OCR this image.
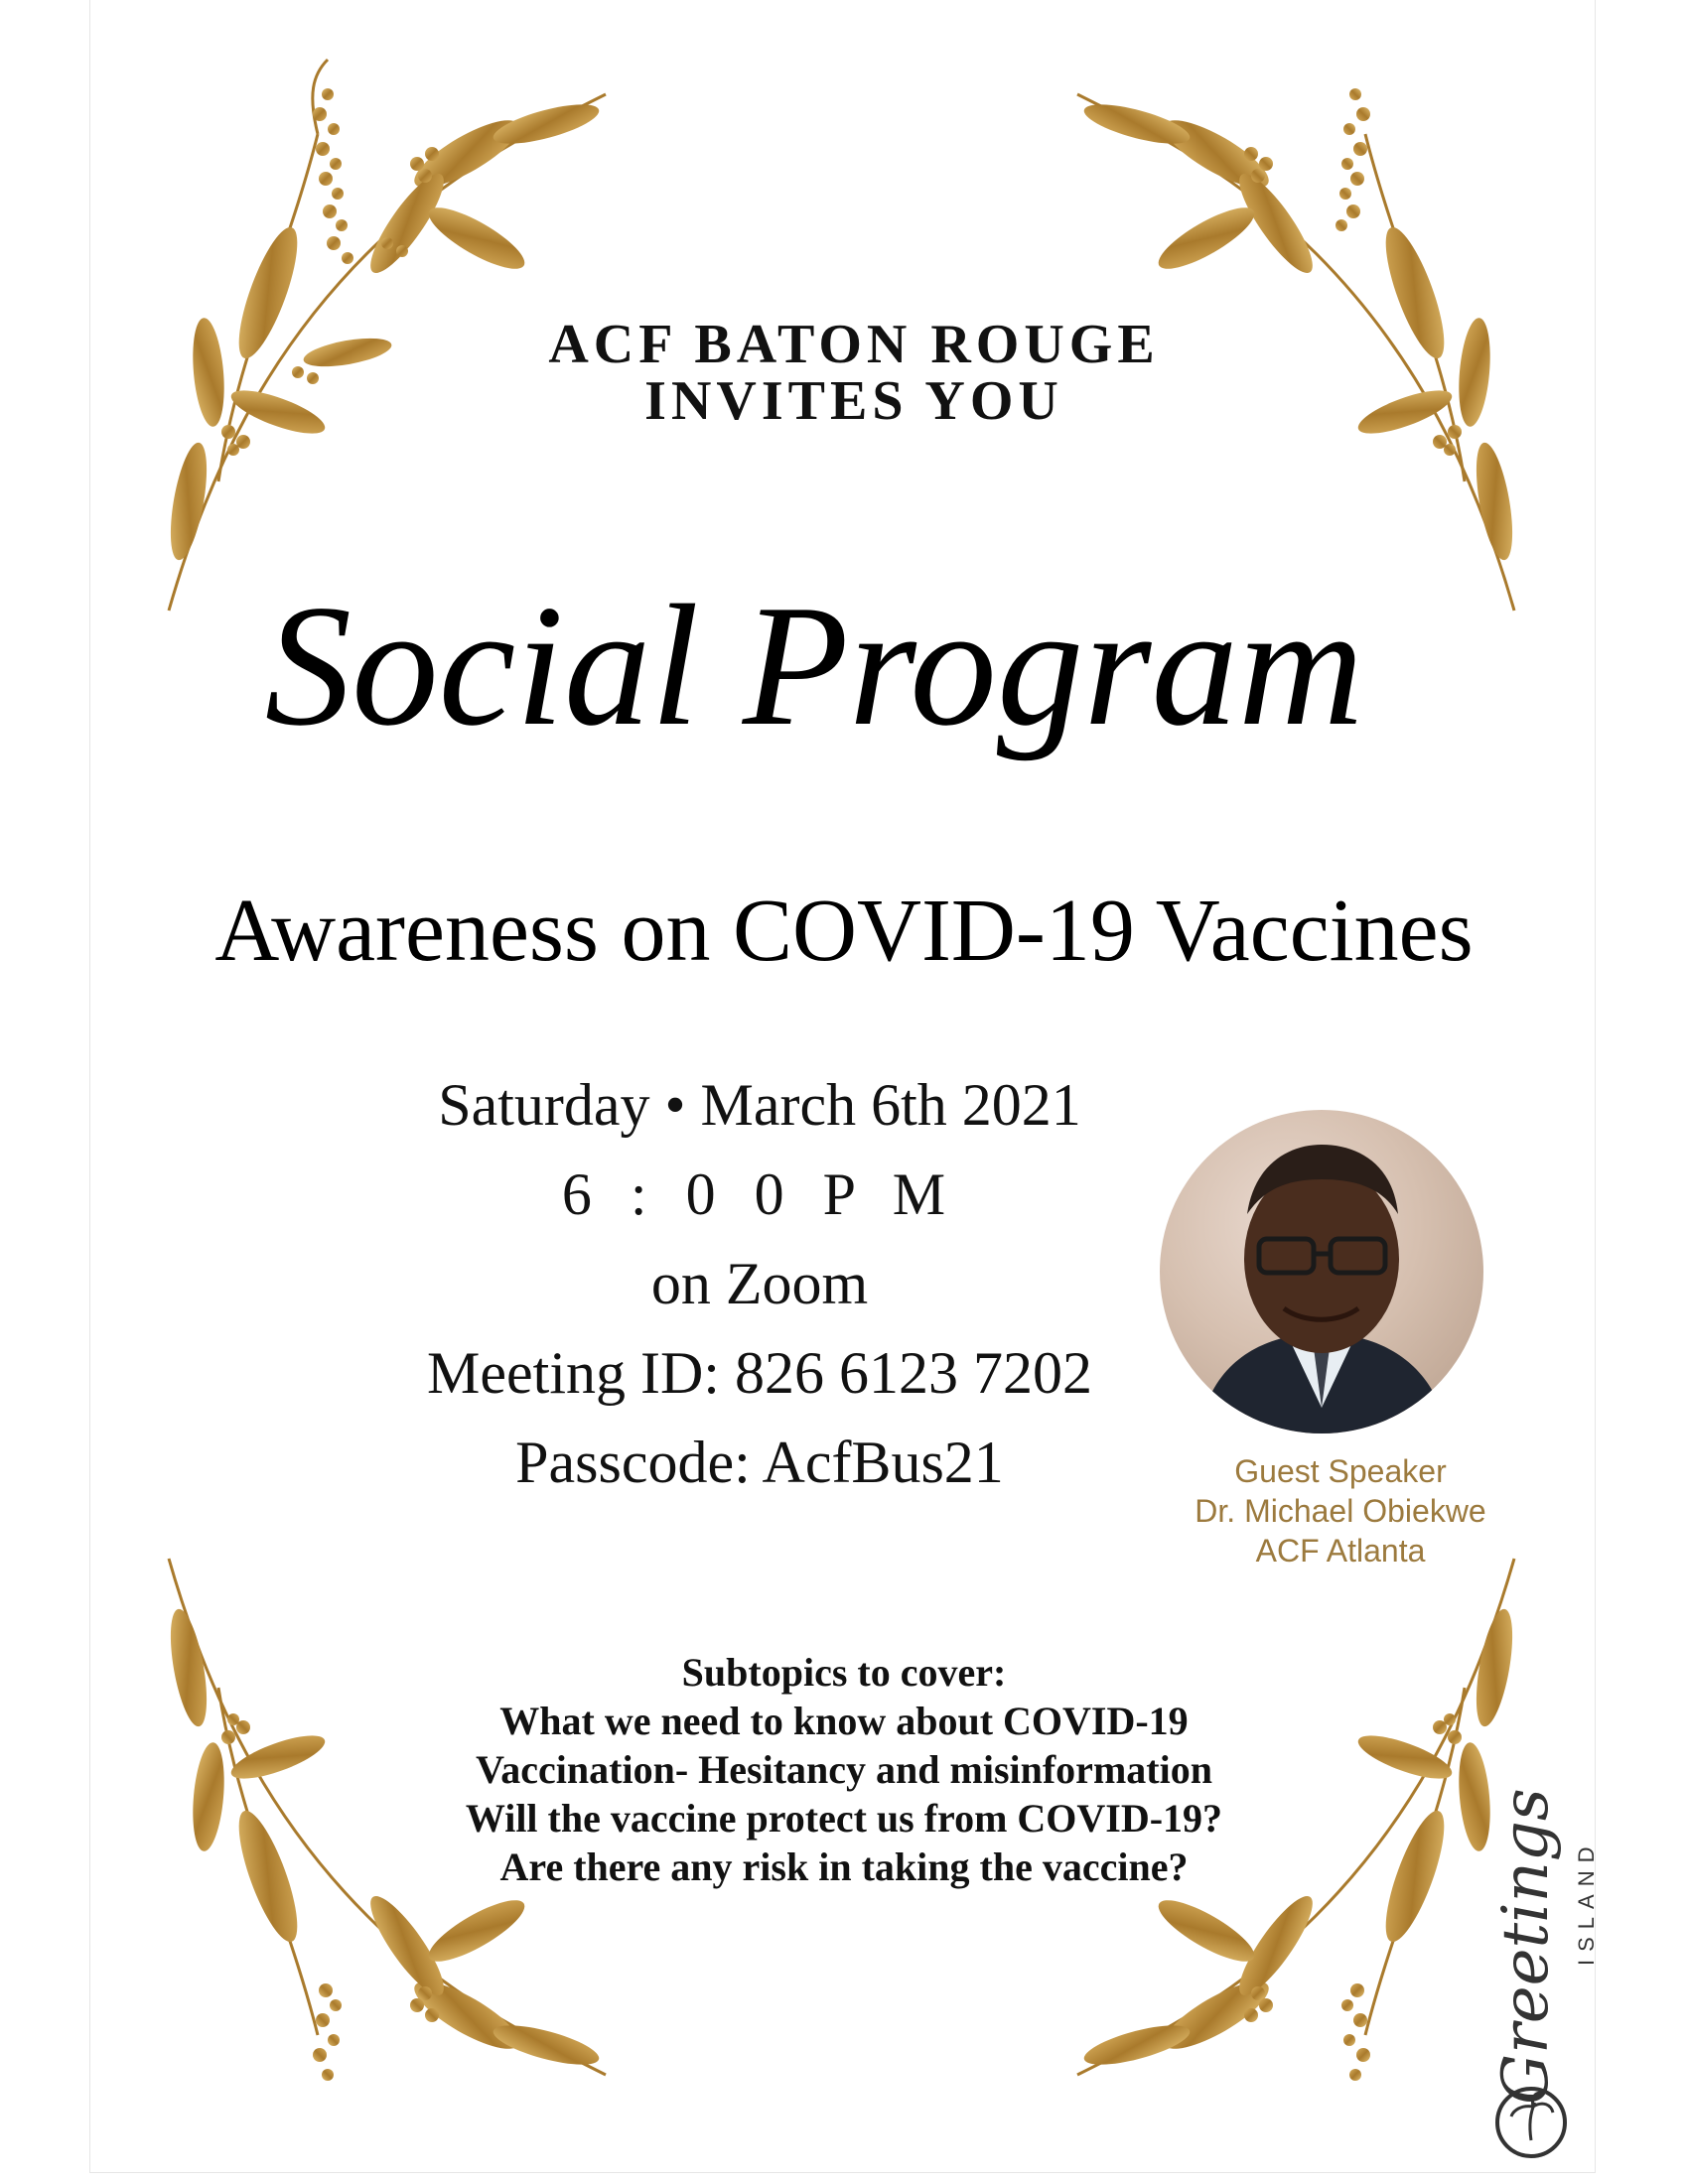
ACF BATON ROUGE
INVITES YOU
Social Program
Awareness on COVID-19 Vaccines
Saturday • March 6th 2021
6 : 0 0 P M
on Zoom
Meeting ID: 826 6123 7202
Passcode: AcfBus21	Guest Speaker
Dr. Michael Obiekwe
ACF Atlanta
Subtopics to cover:
What we need to know about COVID-19
Vaccination- Hesitancy and misinformation
Will the vaccine protect us from COVID-19?
Are there any risk in taking the vaccine?	Greetings ISLAND
